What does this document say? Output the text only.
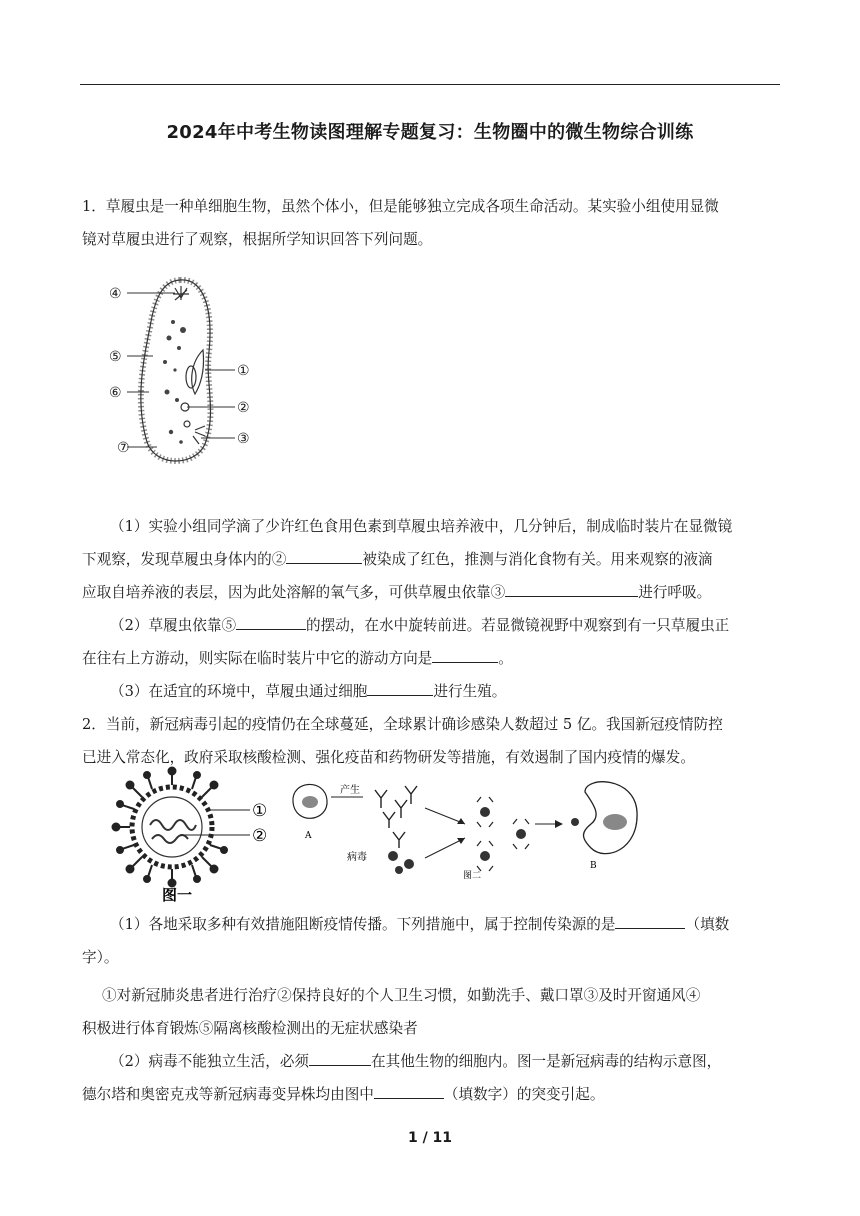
2024年中考生物读图理解专题复习：生物圈中的微生物综合训练

1．草履虫是一种单细胞生物，虽然个体小，但是能够独立完成各项生命活动。某实验小组使用显微

镜对草履虫进行了观察，根据所学知识回答下列问题。

④
⑤
⑥
⑦
①
②
③

（1）实验小组同学滴了少许红色食用色素到草履虫培养液中，几分钟后，制成临时装片在显微镜

下观察，发现草履虫身体内的②	被染成了红色，推测与消化食物有关。用来观察的液滴

应取自培养液的表层，因为此处溶解的氧气多，可供草履虫依靠③	进行呼吸。

（2）草履虫依靠⑤	的摆动，在水中旋转前进。若显微镜视野中观察到有一只草履虫正

在往右上方游动，则实际在临时装片中它的游动方向是	。

（3）在适宜的环境中，草履虫通过细胞	进行生殖。

2．当前，新冠病毒引起的疫情仍在全球蔓延，全球累计确诊感染人数超过 5 亿。我国新冠疫情防控

已进入常态化，政府采取核酸检测、强化疫苗和药物研发等措施，有效遏制了国内疫情的爆发。

①
②
图一
A
产生
病毒
B
图二

（1）各地采取多种有效措施阻断疫情传播。下列措施中，属于控制传染源的是	（填数

字）。

①对新冠肺炎患者进行治疗②保持良好的个人卫生习惯，如勤洗手、戴口罩③及时开窗通风④

积极进行体育锻炼⑤隔离核酸检测出的无症状感染者

（2）病毒不能独立生活，必须	在其他生物的细胞内。图一是新冠病毒的结构示意图，

德尔塔和奥密克戎等新冠病毒变异株均由图中	（填数字）的突变引起。

1 / 11
